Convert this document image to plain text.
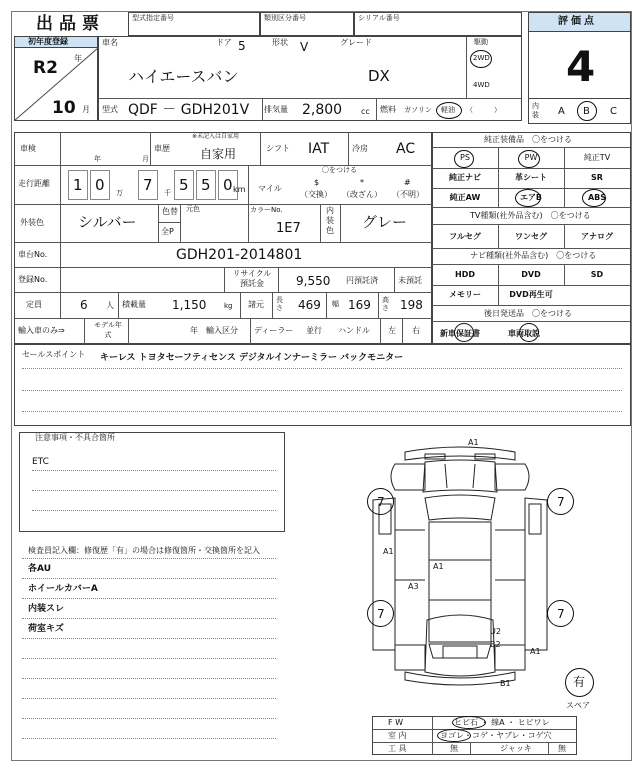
出品票	型式指定番号	類別区分番号	シリアル番号	評価点
4
初年度登録
R2 年
10 月
車名	ドア 5	形状 V	グレード
ハイエースバン	DX
駆動
2WD
4WD
型式 QDF － GDH201V 排気量 2,800 cc 燃料 ガソリン 軽油 （　　　）	内装 A B C
車検
年	月
車歴
※未記入は自家用
自家用	シフト IAT	冷房 AC
走行距離 1 0	7 5 5 0
万	千	km
〇をつける
マイル
$
（交換）
*
（改ざん）
#
（不明）
外装色 シルバー
色替 元色
全P
カラーNo.
1E7
内装色 グレー
車台No.	GDH201-2014801
登録No.
リサイクル預託金	9,550 円預託済	未預託
定員	6 人 積載量 1,150	kg 諸元 長さ 469 幅 169 高さ 198
輸入車のみ⇒
モデル年式	年 輸入区分 ディーラー 並行 ハンドル 左 右
純正装備品　〇をつける
PS	PW	純正TV
純正ナビ	革シート	SR
純正AW	エアB	ABS
フルセグ	ワンセグ	アナログ
HDD	DVD	SD
メモリー	DVD再生可
TV種類(社外品含む)　〇をつける
ナビ種類(社外品含む)　〇をつける
後日発送品　〇をつける
新車保証書	車両取説
セールスポイント キーレス トヨタセーフティセンス デジタルインナーミラー バックモニター
注意事項・不具合箇所
ETC
検査員記入欄：修復歴「有」の場合は修復箇所・交換箇所を記入
各AU
ホイールカバーA
内装スレ
荷室キズ
A1
A1
A1
A3
U2
B2
A1
B1
7	7
7	7
有
スペア
F W	ヒビ石 ・ 線A ・ ヒビワレ
室 内	ヨゴレ・コゲ・ヤブレ・コゲ穴
工 具	無	ジャッキ	無
